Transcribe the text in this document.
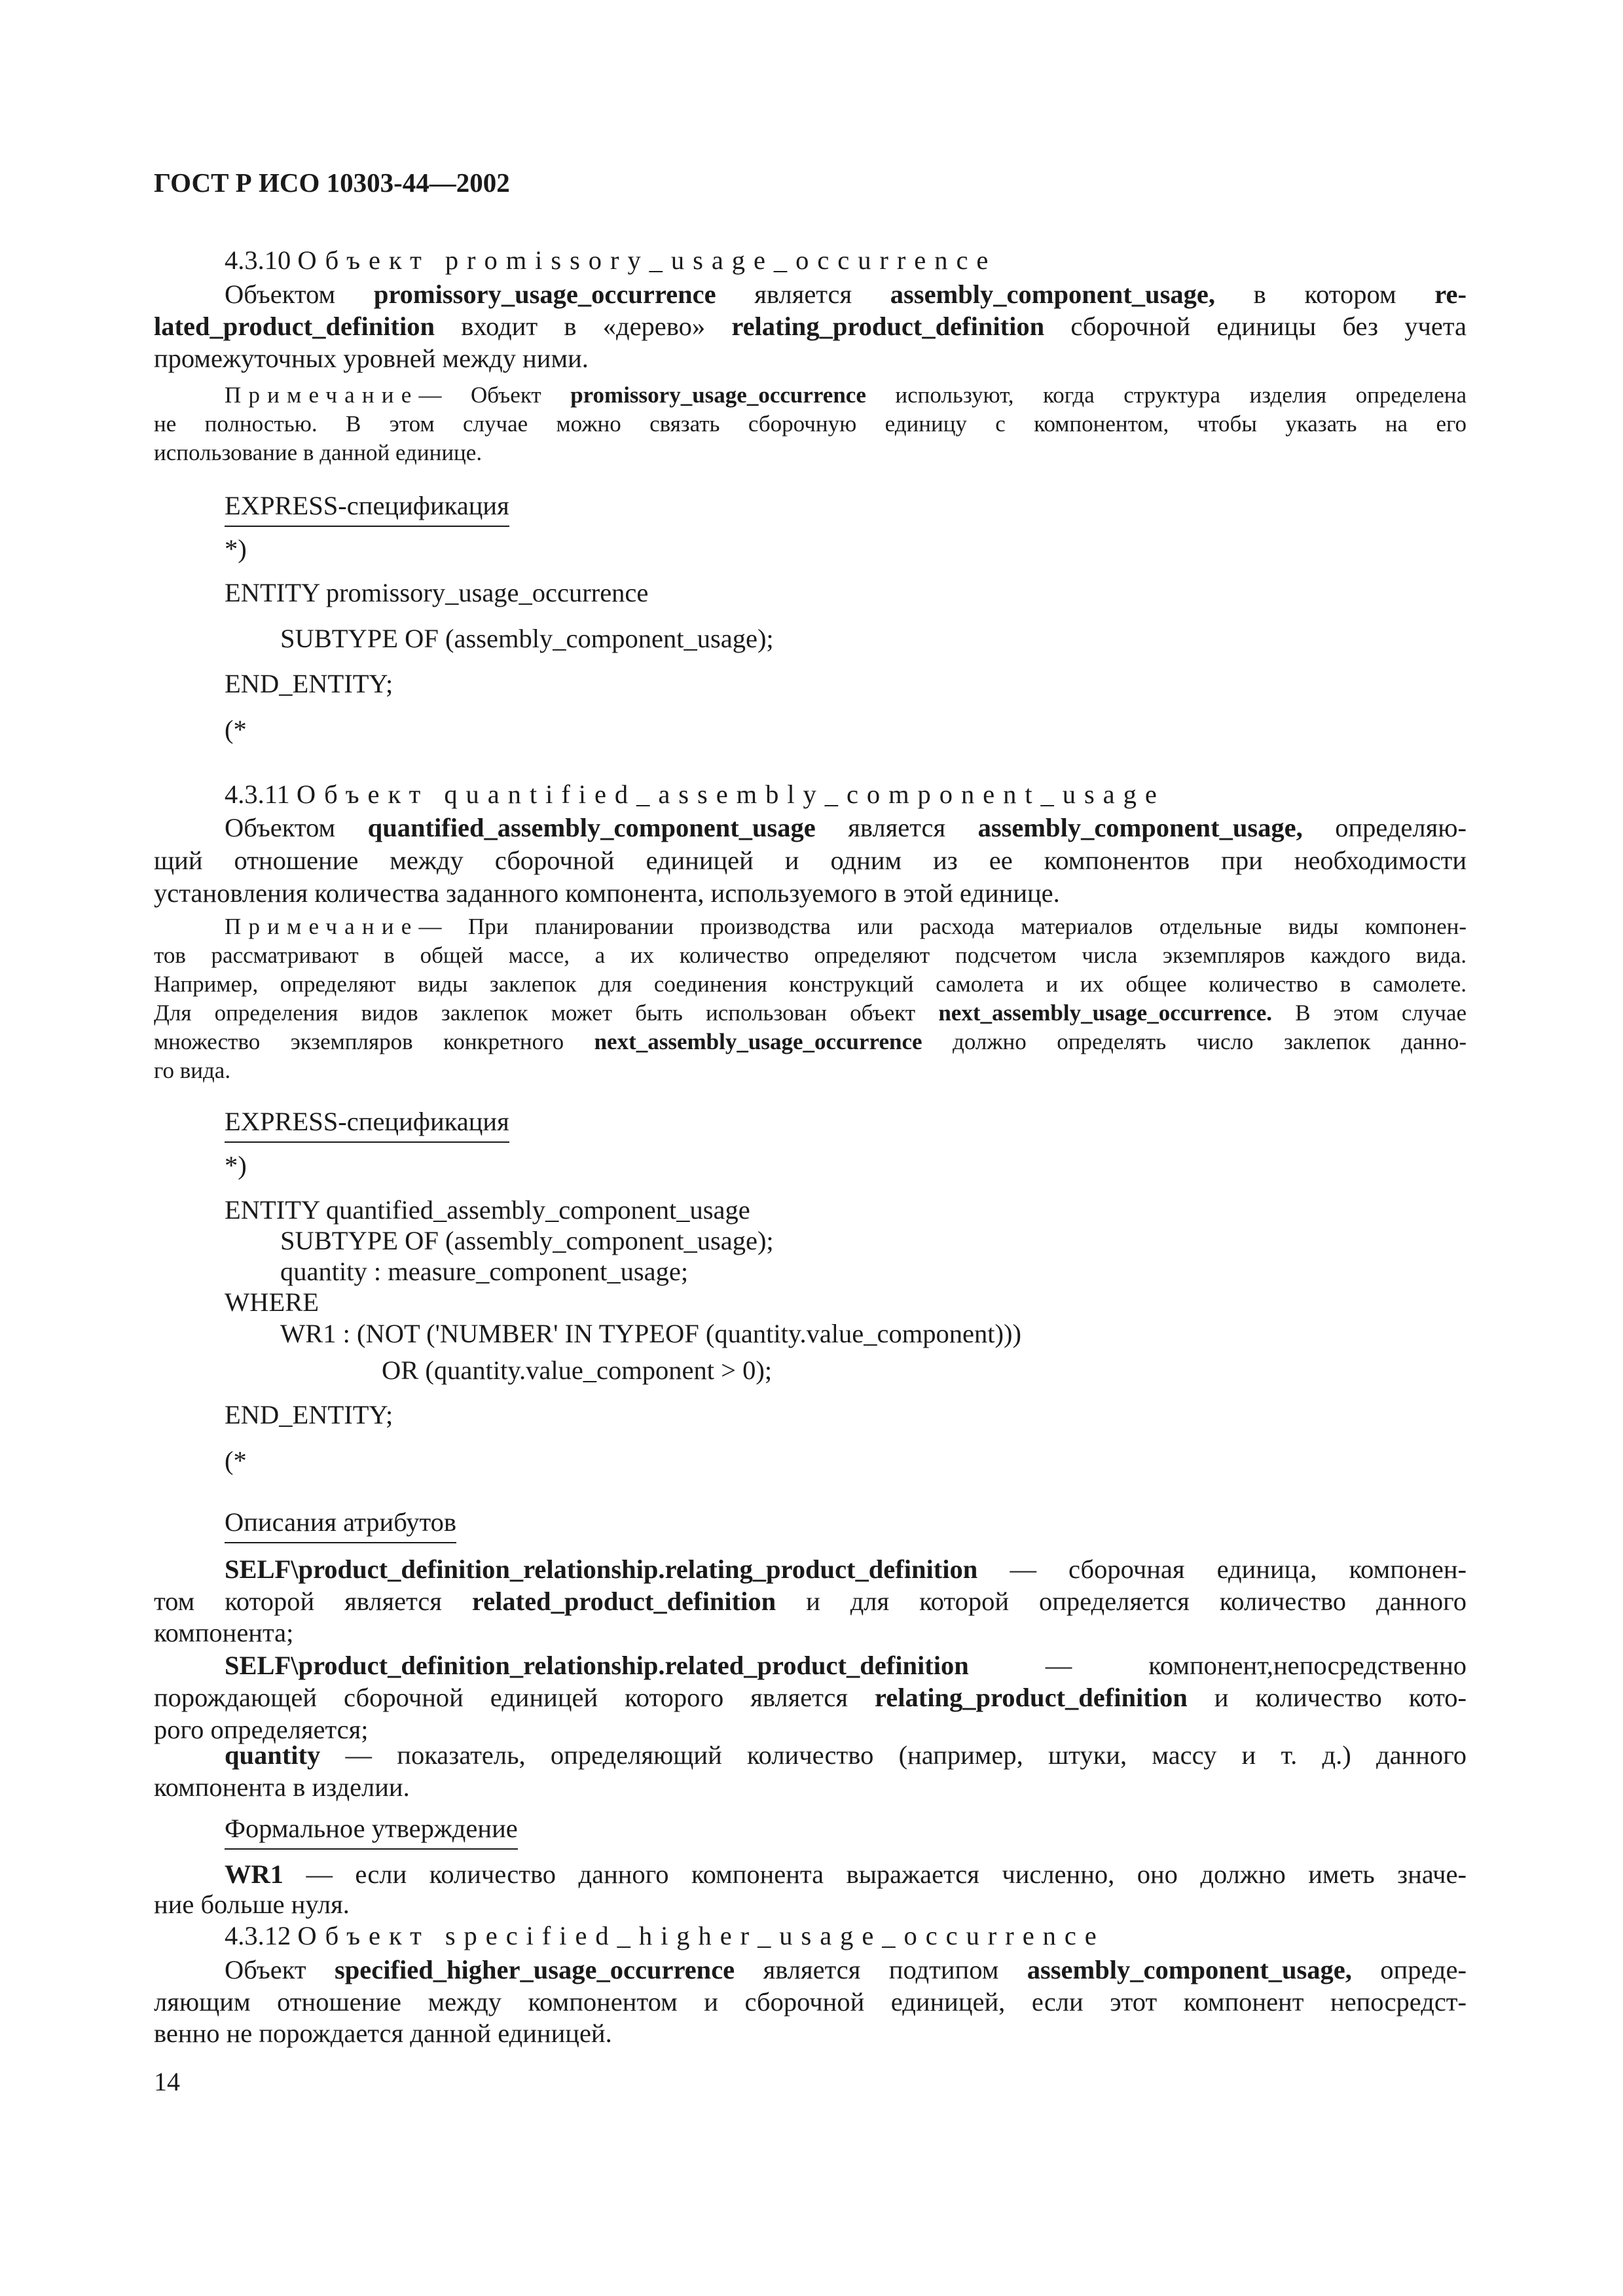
ГОСТ Р ИСО 10303-44—2002
4.3.10 Объект promissory_usage_occurrence
Объектом promissory_usage_occurrence является assembly_component_usage, в котором re-
lated_product_definition входит в «дерево» relating_product_definition сборочной единицы без учета
промежуточных уровней между ними.
Примечание— Объект promissory_usage_occurrence используют, когда структура изделия определена
не полностью. В этом случае можно связать сборочную единицу с компонентом, чтобы указать на его
использование в данной единице.
EXPRESS-спецификация
*)
ENTITY promissory_usage_occurrence
SUBTYPE OF (assembly_component_usage);
END_ENTITY;
(*
4.3.11 Объект quantified_assembly_component_usage
Объектом quantified_assembly_component_usage является assembly_component_usage, определяю-
щий отношение между сборочной единицей и одним из ее компонентов при необходимости
установления количества заданного компонента, используемого в этой единице.
Примечание— При планировании производства или расхода материалов отдельные виды компонен-
тов рассматривают в общей массе, а их количество определяют подсчетом числа экземпляров каждого вида.
Например, определяют виды заклепок для соединения конструкций самолета и их общее количество в самолете.
Для определения видов заклепок может быть использован объект next_assembly_usage_occurrence. В этом случае
множество экземпляров конкретного next_assembly_usage_occurrence должно определять число заклепок данно-
го вида.
EXPRESS-спецификация
*)
ENTITY quantified_assembly_component_usage
SUBTYPE OF (assembly_component_usage);
quantity : measure_component_usage;
WHERE
WR1 : (NOT ('NUMBER' IN TYPEOF (quantity.value_component)))
OR (quantity.value_component > 0);
END_ENTITY;
(*
Описания атрибутов
SELF\product_definition_relationship.relating_product_definition — сборочная единица, компонен-
том которой является related_product_definition и для которой определяется количество данного
компонента;
SELF\product_definition_relationship.related_product_definition — компонент,непосредственно
порождающей сборочной единицей которого является relating_product_definition и количество кото-
рого определяется;
quantity — показатель, определяющий количество (например, штуки, массу и т. д.) данного
компонента в изделии.
Формальное утверждение
WR1 — если количество данного компонента выражается численно, оно должно иметь значе-
ние больше нуля.
4.3.12 Объект specified_higher_usage_occurrence
Объект specified_higher_usage_occurrence является подтипом assembly_component_usage, опреде-
ляющим отношение между компонентом и сборочной единицей, если этот компонент непосредст-
венно не порождается данной единицей.
14
